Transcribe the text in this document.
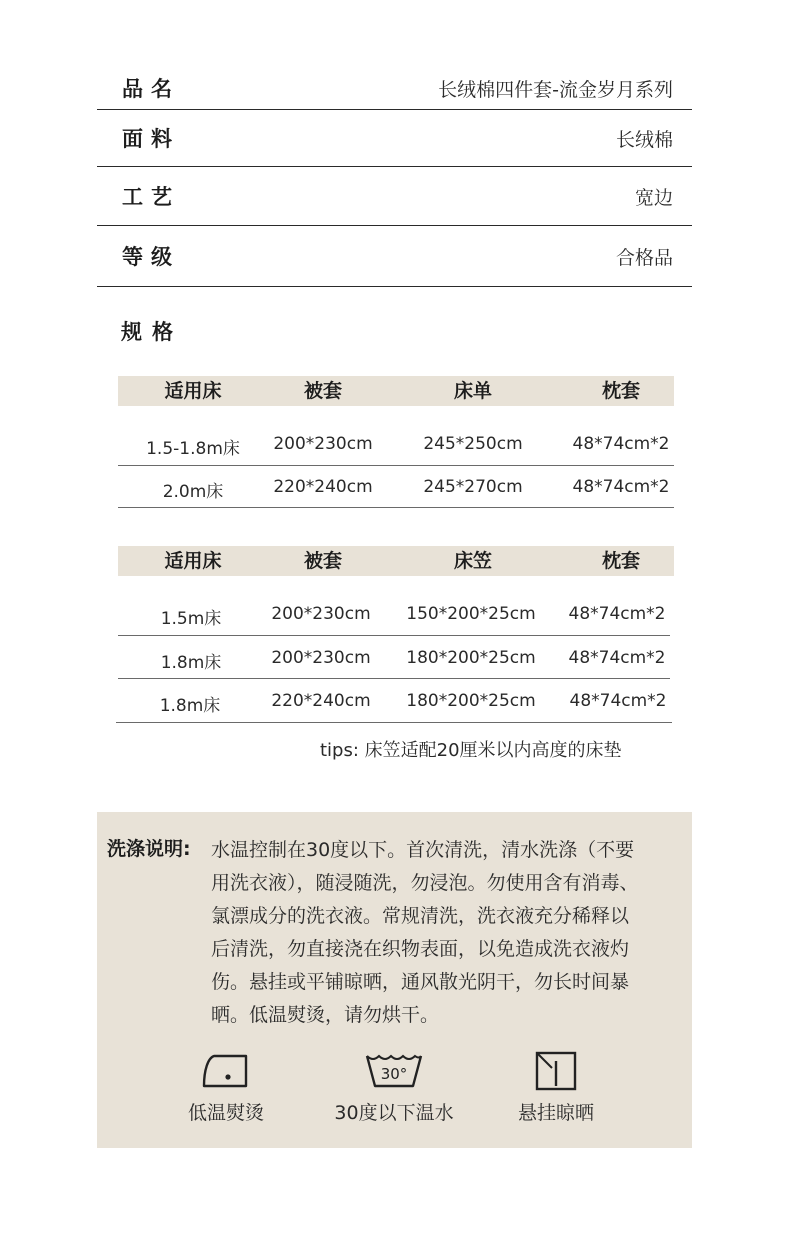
品名	长绒棉四件套-流金岁月系列
面料	长绒棉
工艺	宽边
等级	合格品
规格
适用床	被套	床单	枕套
1.5-1.8m床	200*230cm	245*250cm	48*74cm*2
2.0m床	220*240cm	245*270cm	48*74cm*2
适用床	被套	床笠	枕套
1.5m床	200*230cm	150*200*25cm	48*74cm*2
1.8m床	200*230cm	180*200*25cm	48*74cm*2
1.8m床	220*240cm	180*200*25cm	48*74cm*2
tips: 床笠适配20厘米以内高度的床垫
洗涤说明: 水温控制在30度以下。首次清洗，清水洗涤（不要
用洗衣液），随浸随洗，勿浸泡。勿使用含有消毒、
氯漂成分的洗衣液。常规清洗，洗衣液充分稀释以
后清洗，勿直接浇在织物表面，以免造成洗衣液灼
伤。悬挂或平铺晾晒，通风散光阴干，勿长时间暴
晒。低温熨烫，请勿烘干。
低温熨烫
30°
30度以下温水	悬挂晾晒
